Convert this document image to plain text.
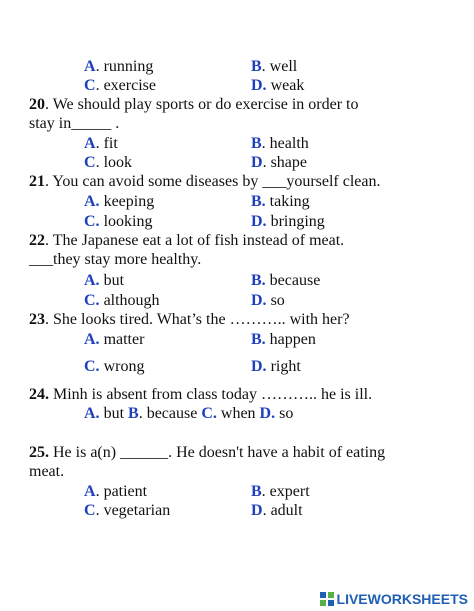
A. running	B. well
C. exercise	D. weak
20. We should play sports or do exercise in order to
stay in_____ .
A. fit	B. health
C. look	D. shape
21. You can avoid some diseases by ___yourself clean.
A. keeping	B. taking
C. looking	D. bringing
22. The Japanese eat a lot of fish instead of meat.
___they stay more healthy.
A. but	B. because
C. although	D. so
23. She looks tired. What’s the ……….. with her?
A. matter	B. happen
C. wrong	D. right
24. Minh is absent from class today ……….. he is ill.
A. but B. because C. when D. so
25. He is a(n) ______. He doesn't have a habit of eating
meat.
A. patient	B. expert
C. vegetarian	D. adult
LIVEWORKSHEETS
